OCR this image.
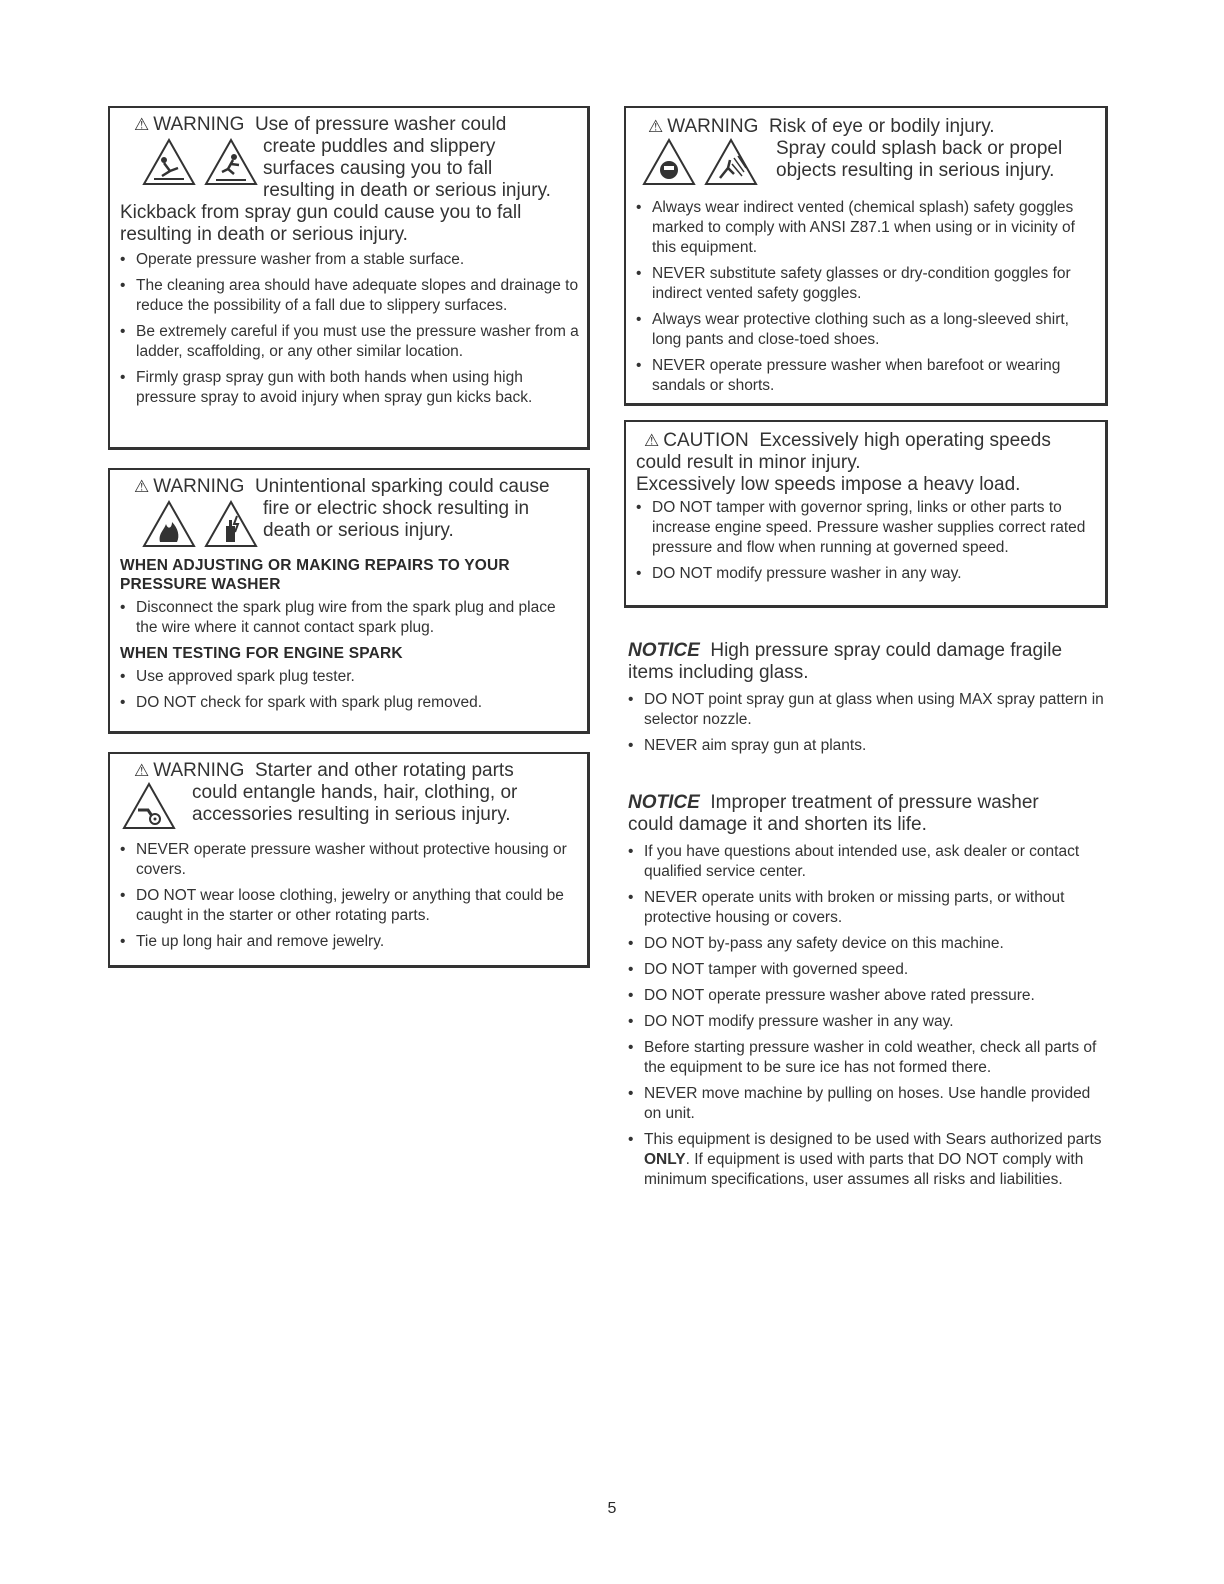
⚠ WARNING Use of pressure washer could
create puddles and slippery
surfaces causing you to fall
resulting in death or serious injury.
Kickback from spray gun could cause you to fall
resulting in death or serious injury.
• Operate pressure washer from a stable surface.
• The cleaning area should have adequate slopes and drainage to reduce the possibility of a fall due to slippery surfaces.
• Be extremely careful if you must use the pressure washer from a ladder, scaffolding, or any other similar location.
• Firmly grasp spray gun with both hands when using high pressure spray to avoid injury when spray gun kicks back.
⚠ WARNING Unintentional sparking could cause
fire or electric shock resulting in
death or serious injury.
WHEN ADJUSTING OR MAKING REPAIRS TO YOUR PRESSURE WASHER
• Disconnect the spark plug wire from the spark plug and place the wire where it cannot contact spark plug.
WHEN TESTING FOR ENGINE SPARK
• Use approved spark plug tester.
• DO NOT check for spark with spark plug removed.
⚠ WARNING Starter and other rotating parts
could entangle hands, hair, clothing, or
accessories resulting in serious injury.
• NEVER operate pressure washer without protective housing or covers.
• DO NOT wear loose clothing, jewelry or anything that could be caught in the starter or other rotating parts.
• Tie up long hair and remove jewelry.
⚠ WARNING Risk of eye or bodily injury.
Spray could splash back or propel
objects resulting in serious injury.
• Always wear indirect vented (chemical splash) safety goggles marked to comply with ANSI Z87.1 when using or in vicinity of this equipment.
• NEVER substitute safety glasses or dry-condition goggles for indirect vented safety goggles.
• Always wear protective clothing such as a long-sleeved shirt, long pants and close-toed shoes.
• NEVER operate pressure washer when barefoot or wearing sandals or shorts.
⚠ CAUTION Excessively high operating speeds
could result in minor injury.
Excessively low speeds impose a heavy load.
• DO NOT tamper with governor spring, links or other parts to increase engine speed. Pressure washer supplies correct rated pressure and flow when running at governed speed.
• DO NOT modify pressure washer in any way.
NOTICE High pressure spray could damage fragile
items including glass.
• DO NOT point spray gun at glass when using MAX spray pattern in selector nozzle.
• NEVER aim spray gun at plants.
NOTICE Improper treatment of pressure washer
could damage it and shorten its life.
• If you have questions about intended use, ask dealer or contact qualified service center.
• NEVER operate units with broken or missing parts, or without protective housing or covers.
• DO NOT by-pass any safety device on this machine.
• DO NOT tamper with governed speed.
• DO NOT operate pressure washer above rated pressure.
• DO NOT modify pressure washer in any way.
• Before starting pressure washer in cold weather, check all parts of the equipment to be sure ice has not formed there.
• NEVER move machine by pulling on hoses. Use handle provided on unit.
• This equipment is designed to be used with Sears authorized parts ONLY. If equipment is used with parts that DO NOT comply with minimum specifications, user assumes all risks and liabilities.
5
